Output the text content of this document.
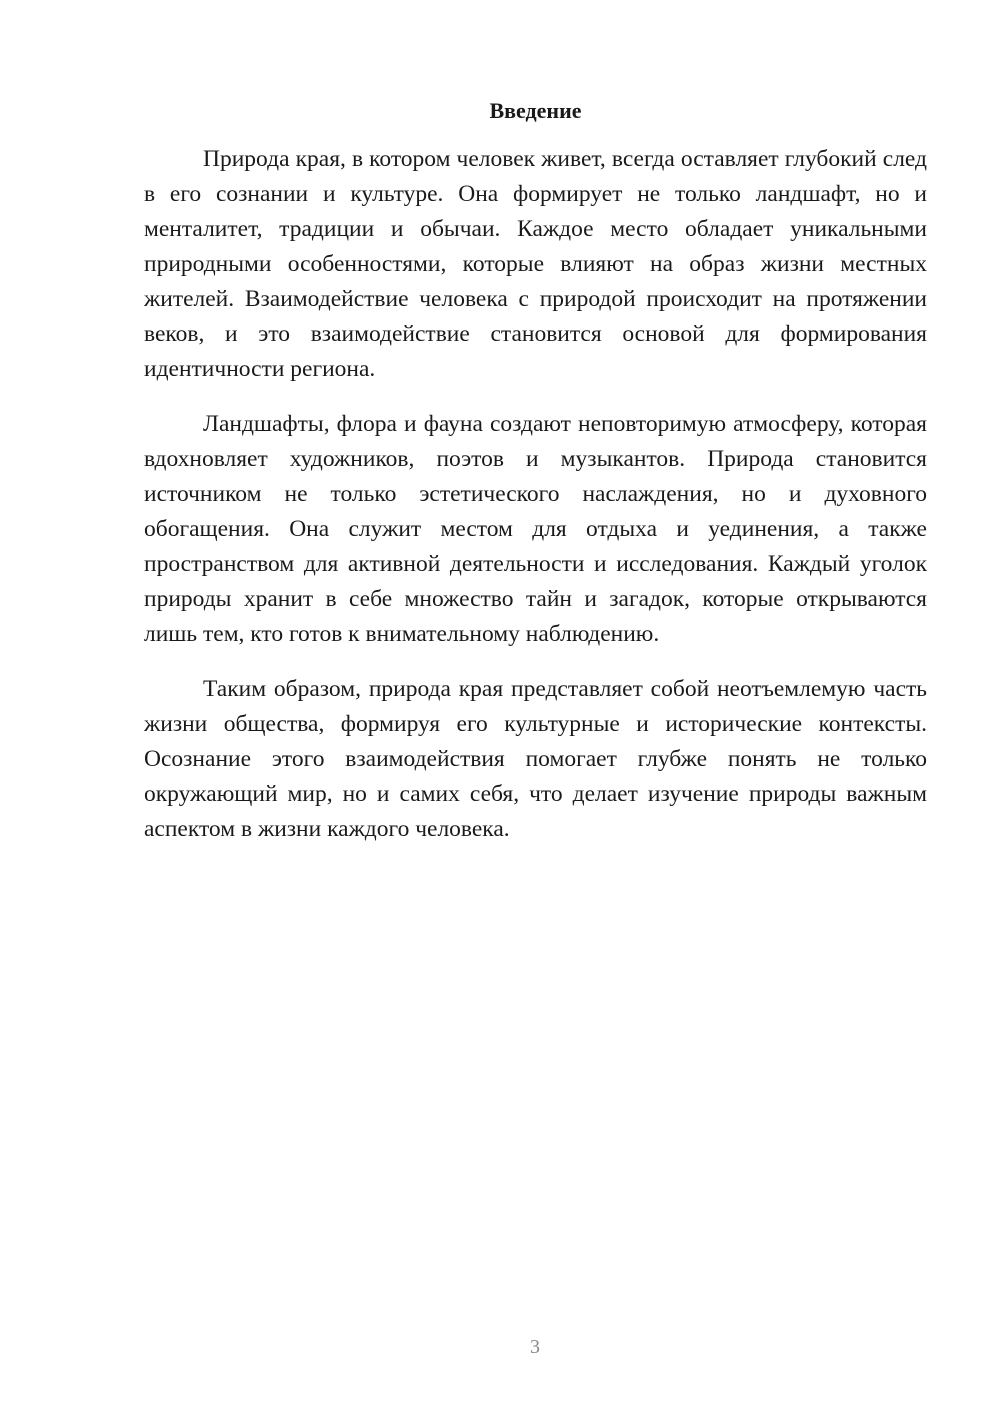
Введение

Природа края, в котором человек живет, всегда оставляет глубокий след в его сознании и культуре. Она формирует не только ландшафт, но и менталитет, традиции и обычаи. Каждое место обладает уникальными природными особенностями, которые влияют на образ жизни местных жителей. Взаимодействие человека с природой происходит на протяжении веков, и это взаимодействие становится основой для формирования идентичности региона.

Ландшафты, флора и фауна создают неповторимую атмосферу, которая вдохновляет художников, поэтов и музыкантов. Природа становится источником не только эстетического наслаждения, но и духовного обогащения. Она служит местом для отдыха и уединения, а также пространством для активной деятельности и исследования. Каждый уголок природы хранит в себе множество тайн и загадок, которые открываются лишь тем, кто готов к внимательному наблюдению.

Таким образом, природа края представляет собой неотъемлемую часть жизни общества, формируя его культурные и исторические контексты. Осознание этого взаимодействия помогает глубже понять не только окружающий мир, но и самих себя, что делает изучение природы важным аспектом в жизни каждого человека.

3
